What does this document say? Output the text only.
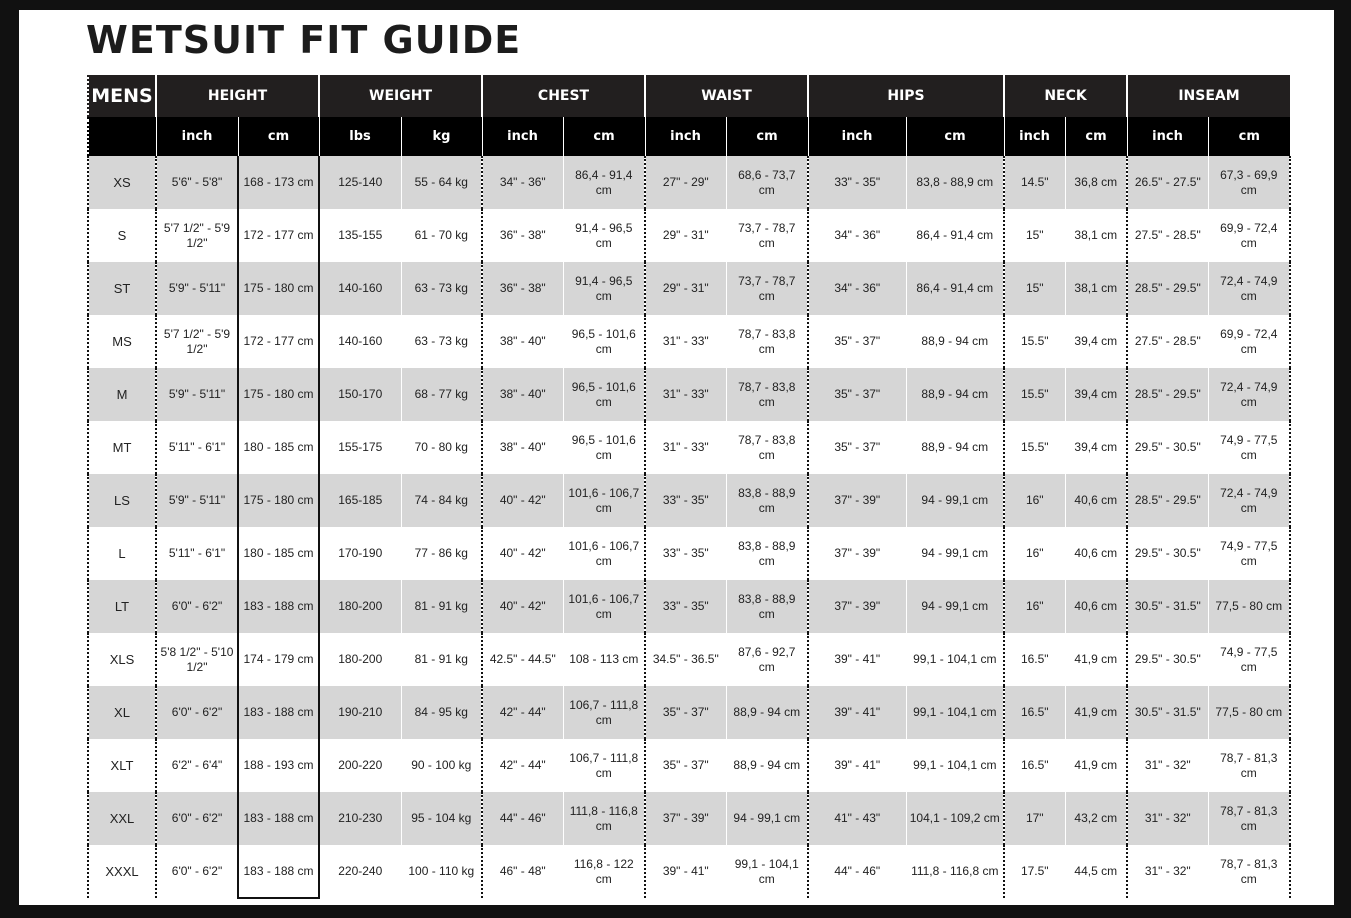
WETSUIT FIT GUIDE
MENS	HEIGHT		WEIGHT		CHEST		WAIST		HIPS		NECK		INSEAM	
	inch	cm	lbs	kg	inch	cm	inch	cm	inch	cm	inch	cm	inch	cm
XS	5'6" - 5'8"	168 - 173 cm	125-140	55 - 64 kg	34" - 36"	86,4 - 91,4 cm	27" - 29"	68,6 - 73,7 cm	33" - 35"	83,8 - 88,9 cm	14.5"	36,8 cm	26.5" - 27.5"	67,3 - 69,9 cm
S	5'7 1/2" - 5'9 1/2"	172 - 177 cm	135-155	61 - 70 kg	36" - 38"	91,4 - 96,5 cm	29" - 31"	73,7 - 78,7 cm	34" - 36"	86,4 - 91,4 cm	15"	38,1 cm	27.5" - 28.5"	69,9 - 72,4 cm
ST	5'9" - 5'11"	175 - 180 cm	140-160	63 - 73 kg	36" - 38"	91,4 - 96,5 cm	29" - 31"	73,7 - 78,7 cm	34" - 36"	86,4 - 91,4 cm	15"	38,1 cm	28.5" - 29.5"	72,4 - 74,9 cm
MS	5'7 1/2" - 5'9 1/2"	172 - 177 cm	140-160	63 - 73 kg	38" - 40"	96,5 - 101,6 cm	31" - 33"	78,7 - 83,8 cm	35" - 37"	88,9 - 94 cm	15.5"	39,4 cm	27.5" - 28.5"	69,9 - 72,4 cm
M	5'9" - 5'11"	175 - 180 cm	150-170	68 - 77 kg	38" - 40"	96,5 - 101,6 cm	31" - 33"	78,7 - 83,8 cm	35" - 37"	88,9 - 94 cm	15.5"	39,4 cm	28.5" - 29.5"	72,4 - 74,9 cm
MT	5'11" - 6'1"	180 - 185 cm	155-175	70 - 80 kg	38" - 40"	96,5 - 101,6 cm	31" - 33"	78,7 - 83,8 cm	35" - 37"	88,9 - 94 cm	15.5"	39,4 cm	29.5" - 30.5"	74,9 - 77,5 cm
LS	5'9" - 5'11"	175 - 180 cm	165-185	74 - 84 kg	40" - 42"	101,6 - 106,7 cm	33" - 35"	83,8 - 88,9 cm	37" - 39"	94 - 99,1 cm	16"	40,6 cm	28.5" - 29.5"	72,4 - 74,9 cm
L	5'11" - 6'1"	180 - 185 cm	170-190	77 - 86 kg	40" - 42"	101,6 - 106,7 cm	33" - 35"	83,8 - 88,9 cm	37" - 39"	94 - 99,1 cm	16"	40,6 cm	29.5" - 30.5"	74,9 - 77,5 cm
LT	6'0" - 6'2"	183 - 188 cm	180-200	81 - 91 kg	40" - 42"	101,6 - 106,7 cm	33" - 35"	83,8 - 88,9 cm	37" - 39"	94 - 99,1 cm	16"	40,6 cm	30.5" - 31.5"	77,5 - 80 cm
XLS	5'8 1/2" - 5'10 1/2"	174 - 179 cm	180-200	81 - 91 kg	42.5" - 44.5"	108 - 113 cm	34.5" - 36.5"	87,6 - 92,7 cm	39" - 41"	99,1 - 104,1 cm	16.5"	41,9 cm	29.5" - 30.5"	74,9 - 77,5 cm
XL	6'0" - 6'2"	183 - 188 cm	190-210	84 - 95 kg	42" - 44"	106,7 - 111,8 cm	35" - 37"	88,9 - 94 cm	39" - 41"	99,1 - 104,1 cm	16.5"	41,9 cm	30.5" - 31.5"	77,5 - 80 cm
XLT	6'2" - 6'4"	188 - 193 cm	200-220	90 - 100 kg	42" - 44"	106,7 - 111,8 cm	35" - 37"	88,9 - 94 cm	39" - 41"	99,1 - 104,1 cm	16.5"	41,9 cm	31" - 32"	78,7 - 81,3 cm
XXL	6'0" - 6'2"	183 - 188 cm	210-230	95 - 104 kg	44" - 46"	111,8 - 116,8 cm	37" - 39"	94 - 99,1 cm	41" - 43"	104,1 - 109,2 cm	17"	43,2 cm	31" - 32"	78,7 - 81,3 cm
XXXL	6'0" - 6'2"	183 - 188 cm	220-240	100 - 110 kg	46" - 48"	116,8 - 122 cm	39" - 41"	99,1 - 104,1 cm	44" - 46"	111,8 - 116,8 cm	17.5"	44,5 cm	31" - 32"	78,7 - 81,3 cm
